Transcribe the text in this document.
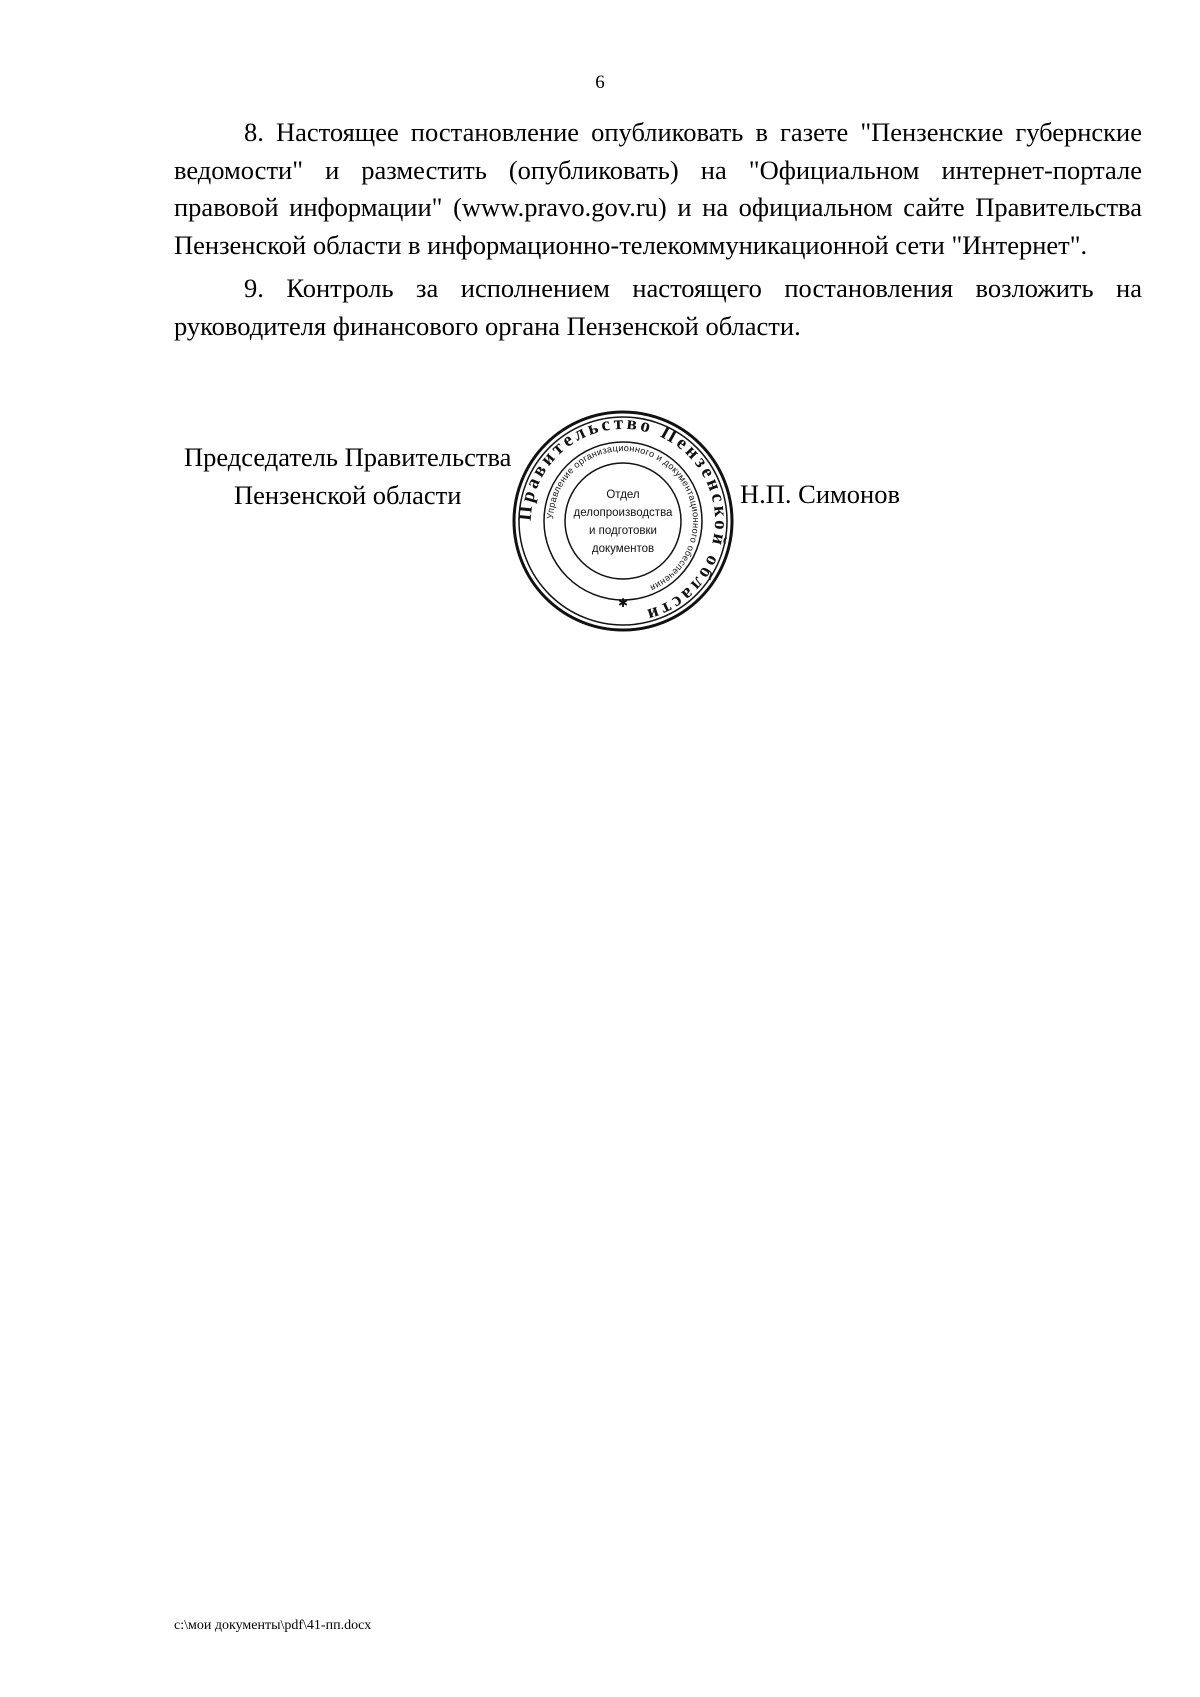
6

8. Настоящее постановление опубликовать в газете "Пензенские губернские ведомости" и разместить (опубликовать) на "Официальном интернет-портале правовой информации" (www.pravo.gov.ru) и на официальном сайте Правительства Пензенской области в информационно-телекоммуникационной сети "Интернет".

9. Контроль за исполнением настоящего постановления возложить на руководителя финансового органа Пензенской области.

Председатель Правительства
Пензенской области	Н.П. Симонов
Правительство Пензенской области
Управление организационного и документационного обеспечения
✱
Отдел
делопроизводства
и подготовки
документов
c:\мои документы\pdf\41-пп.docx
